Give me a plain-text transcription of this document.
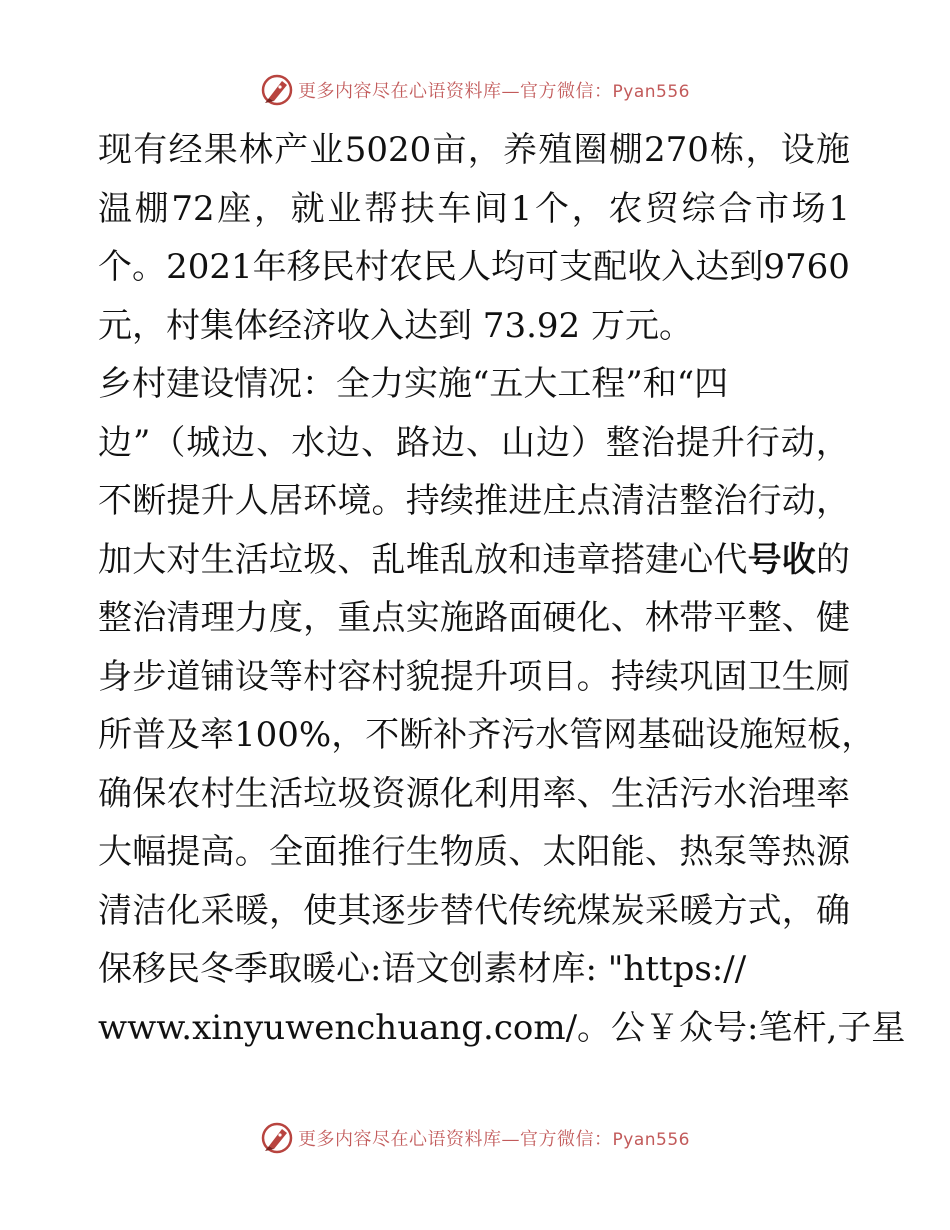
更多内容尽在心语资料库—官方微信：Pyan556
现 有 经 果 林 产 业 5020 亩 ， 养 殖 圈 棚 270 栋 ， 设 施
温 棚 72 座 ， 就 业 帮 扶 车 间 1 个 ， 农 贸 综 合 市 场 1
个 。 2021 年 移 民 村 农 民 人 均 可 支 配 收 入 达 到 9760
元，村集体经济收入达到 73.92 万元。
乡村建设情况：全力实施“五大工程”和“四
边 ” （ 城 边 、 水 边 、 路 边 、 山 边 ） 整 治 提 升 行 动 ，
不 断 提 升 人 居 环 境 。 持 续 推 进 庄 点 清 洁 整 治 行 动 ，
加 大 对 生 活 垃 圾 、 乱 堆 乱 放 和 违 章 搭 建 心 代 号 收 的
整 治 清 理 力 度 ， 重 点 实 施 路 面 硬 化 、 林 带 平 整 、 健
身 步 道 铺 设 等 村 容 村 貌 提 升 项 目 。 持 续 巩 固 卫 生 厕
所 普 及 率 100% ， 不 断 补 齐 污 水 管 网 基 础 设 施 短 板 ，
确 保 农 村 生 活 垃 圾 资 源 化 利 用 率 、 生 活 污 水 治 理 率
大 幅 提 高 。 全 面 推 行 生 物 质 、 太 阳 能 、 热 泵 等 热 源
清 洁 化 采 暖 ， 使 其 逐 步 替 代 传 统 煤 炭 采 暖 方 式 ， 确
保移民冬季取暖心:语文创素材库: "https://
www.xinyuwenchuang.com/ 。 公 ￥ 众 号 : 笔 杆 , 子 星
更多内容尽在心语资料库—官方微信：Pyan556
